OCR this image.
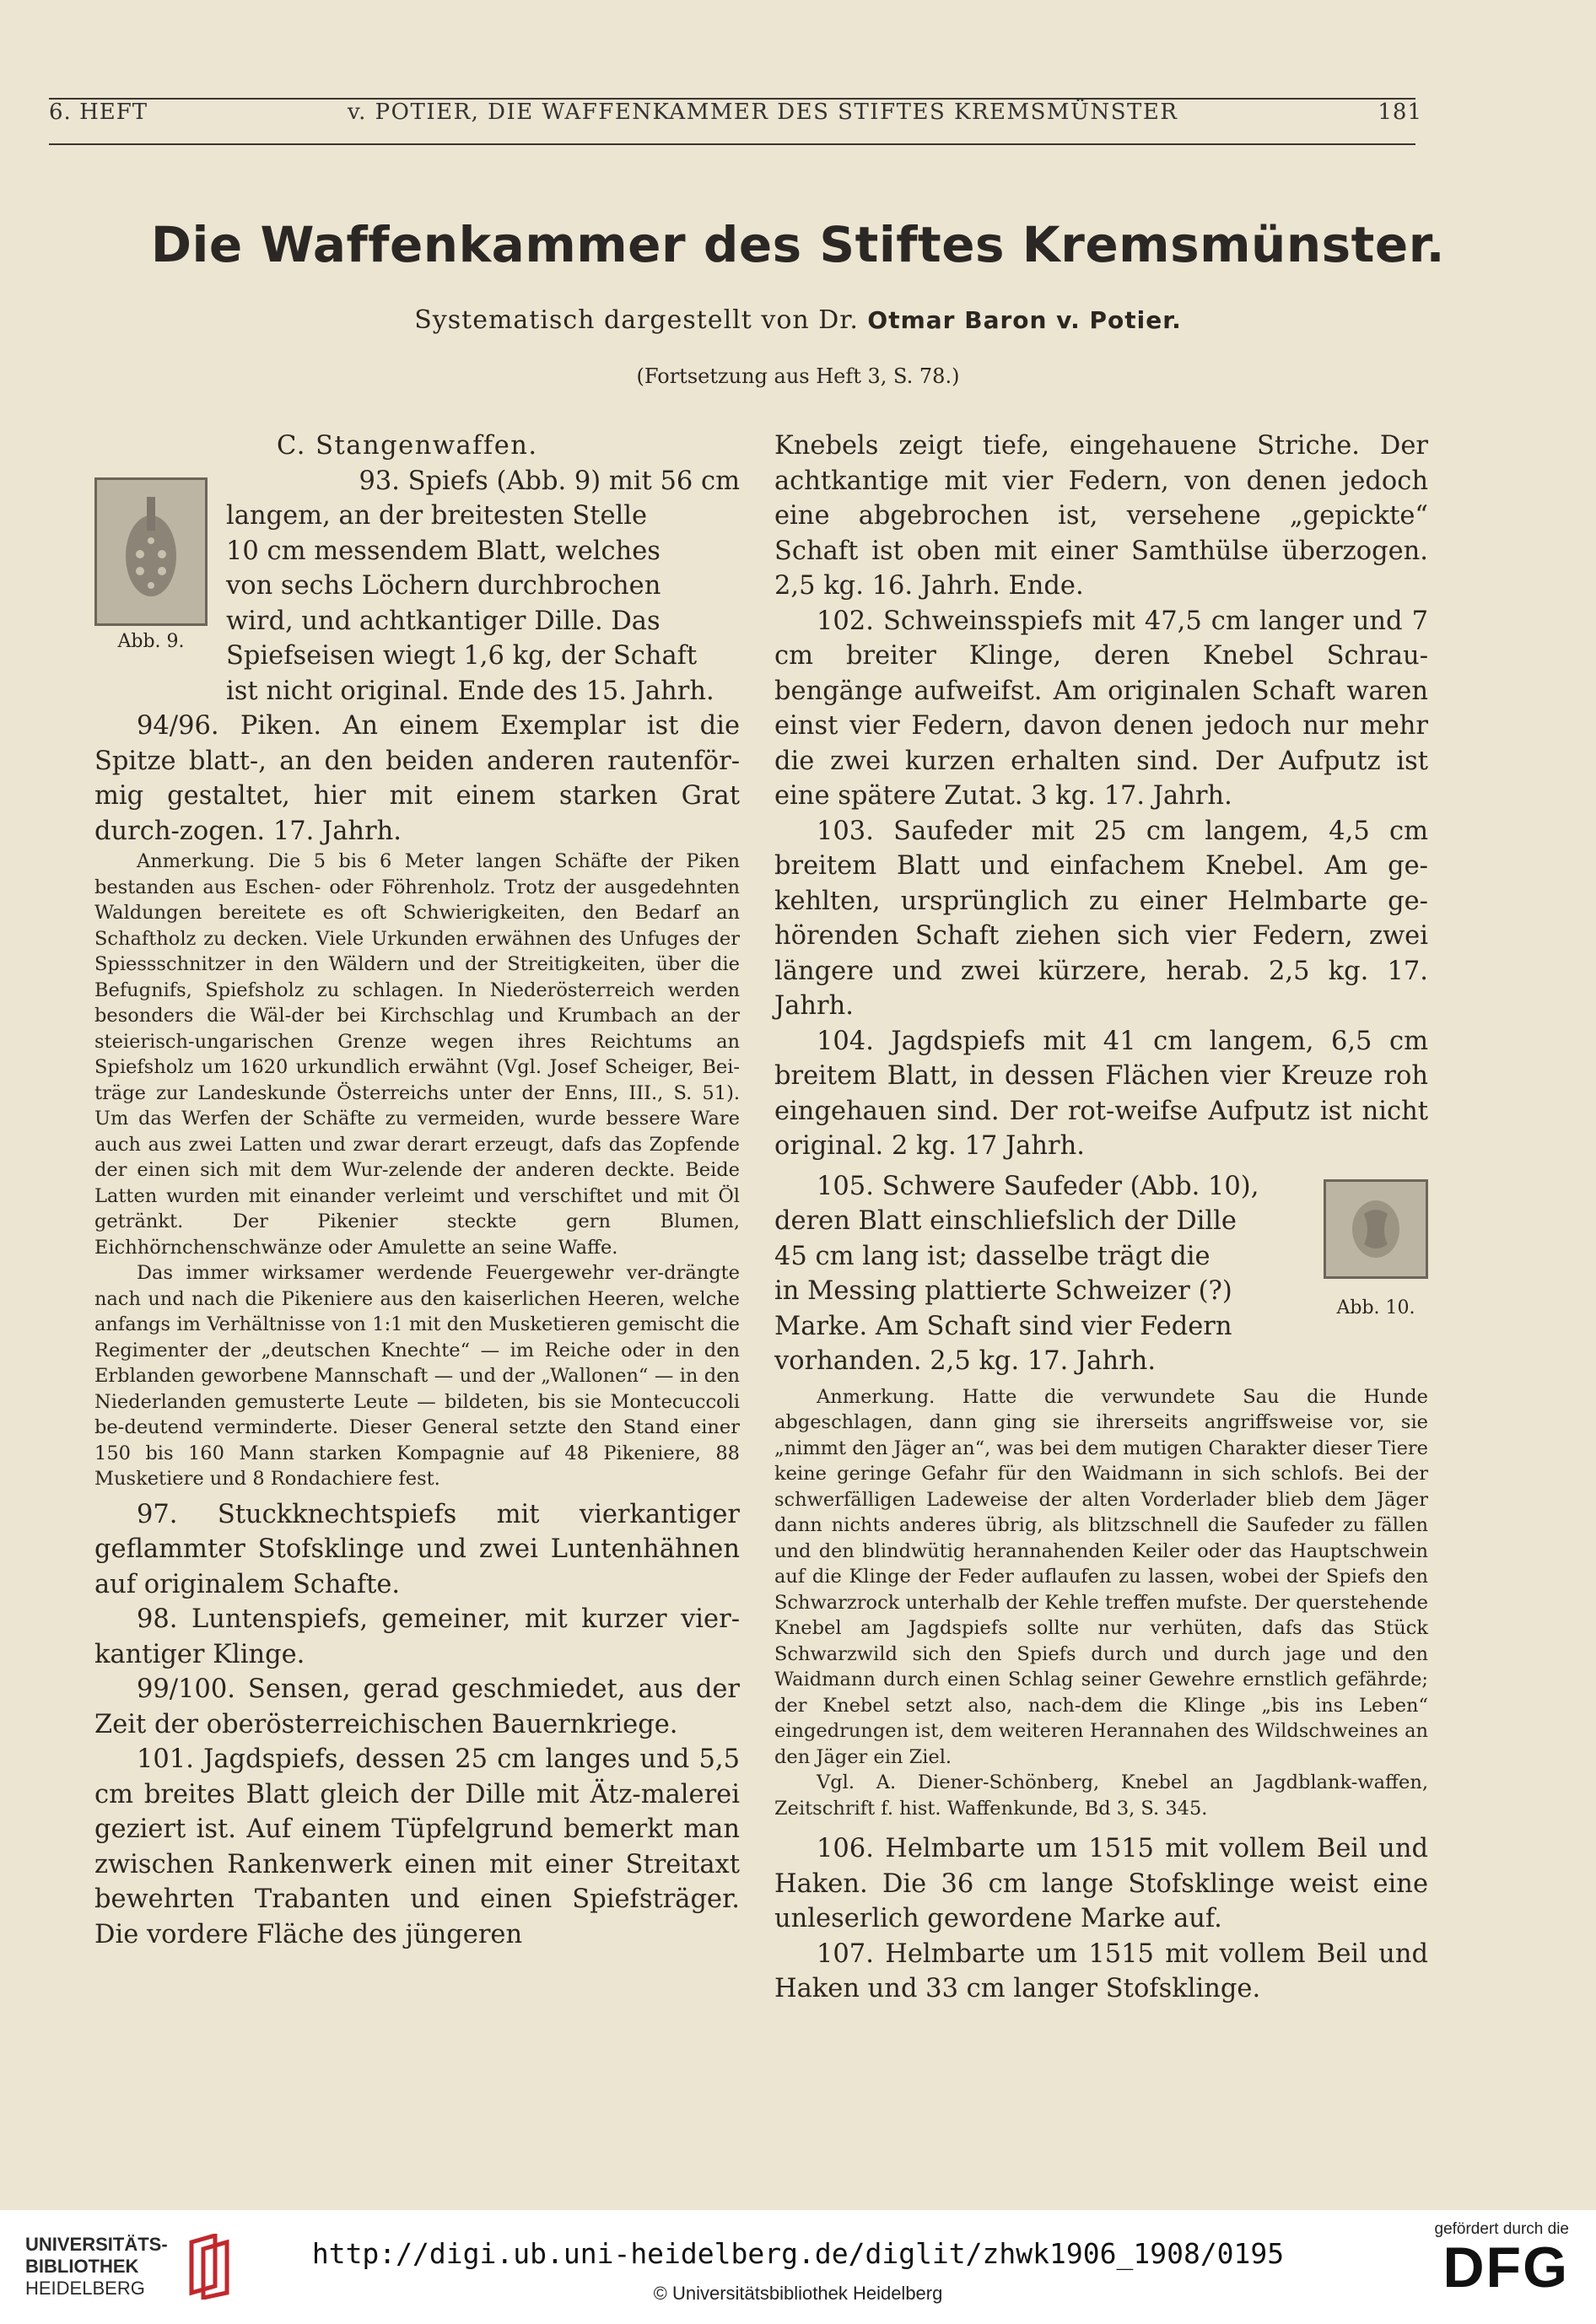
6. HEFT	v. POTIER, DIE WAFFENKAMMER DES STIFTES KREMSMÜNSTER	181
Die Waffenkammer des Stiftes Kremsmünster.
Systematisch dargestellt von Dr. Otmar Baron v. Potier.
(Fortsetzung aus Heft 3, S. 78.)
C. Stangenwaffen.
Abb. 9.

93. Spiefs (Abb. 9) mit 56 cm

langem, an der breitesten Stelle

10 cm messendem Blatt, welches

von sechs Löchern durchbrochen

wird, und achtkantiger Dille. Das

Spiefseisen wiegt 1,6 kg, der Schaft

ist nicht original. Ende des 15. Jahrh.

94/96. Piken. An einem Exemplar ist die Spitze blatt-, an den beiden anderen rautenför-mig gestaltet, hier mit einem starken Grat durch-zogen. 17. Jahrh.

Anmerkung. Die 5 bis 6 Meter langen Schäfte der Piken bestanden aus Eschen- oder Föhrenholz. Trotz der ausgedehnten Waldungen bereitete es oft Schwierigkeiten, den Bedarf an Schaftholz zu decken. Viele Urkunden erwähnen des Unfuges der Spiessschnitzer in den Wäldern und der Streitigkeiten, über die Befugnifs, Spiefsholz zu schlagen. In Niederösterreich werden besonders die Wäl-der bei Kirchschlag und Krumbach an der steierisch-ungarischen Grenze wegen ihres Reichtums an Spiefsholz um 1620 urkundlich erwähnt (Vgl. Josef Scheiger, Bei-träge zur Landeskunde Österreichs unter der Enns, III., S. 51). Um das Werfen der Schäfte zu vermeiden, wurde bessere Ware auch aus zwei Latten und zwar derart erzeugt, dafs das Zopfende der einen sich mit dem Wur-zelende der anderen deckte. Beide Latten wurden mit einander verleimt und verschiftet und mit Öl getränkt. Der Pikenier steckte gern Blumen, Eichhörnchenschwänze oder Amulette an seine Waffe.

Das immer wirksamer werdende Feuergewehr ver-drängte nach und nach die Pikeniere aus den kaiserlichen Heeren, welche anfangs im Verhältnisse von 1:1 mit den Musketieren gemischt die Regimenter der „deutschen Knechte“ — im Reiche oder in den Erblanden geworbene Mannschaft — und der „Wallonen“ — in den Niederlanden gemusterte Leute — bildeten, bis sie Montecuccoli be-deutend verminderte. Dieser General setzte den Stand einer 150 bis 160 Mann starken Kompagnie auf 48 Pikeniere, 88 Musketiere und 8 Rondachiere fest.

97. Stuckknechtspiefs mit vierkantiger geflammter Stofsklinge und zwei Luntenhähnen auf originalem Schafte.

98. Luntenspiefs, gemeiner, mit kurzer vier-kantiger Klinge.

99/100. Sensen, gerad geschmiedet, aus der Zeit der oberösterreichischen Bauernkriege.

101. Jagdspiefs, dessen 25 cm langes und 5,5 cm breites Blatt gleich der Dille mit Ätz-malerei geziert ist. Auf einem Tüpfelgrund bemerkt man zwischen Rankenwerk einen mit einer Streitaxt bewehrten Trabanten und einen Spiefsträger. Die vordere Fläche des jüngeren

Knebels zeigt tiefe, eingehauene Striche. Der achtkantige mit vier Federn, von denen jedoch eine abgebrochen ist, versehene „gepickte“ Schaft ist oben mit einer Samthülse überzogen. 2,5 kg. 16. Jahrh. Ende.

102. Schweinsspiefs mit 47,5 cm langer und 7 cm breiter Klinge, deren Knebel Schrau-bengänge aufweifst. Am originalen Schaft waren einst vier Federn, davon denen jedoch nur mehr die zwei kurzen erhalten sind. Der Aufputz ist eine spätere Zutat. 3 kg. 17. Jahrh.

103. Saufeder mit 25 cm langem, 4,5 cm breitem Blatt und einfachem Knebel. Am ge-kehlten, ursprünglich zu einer Helmbarte ge-hörenden Schaft ziehen sich vier Federn, zwei längere und zwei kürzere, herab. 2,5 kg. 17. Jahrh.

104. Jagdspiefs mit 41 cm langem, 6,5 cm breitem Blatt, in dessen Flächen vier Kreuze roh eingehauen sind. Der rot-weifse Aufputz ist nicht original. 2 kg. 17 Jahrh.

105. Schwere Saufeder (Abb. 10),

deren Blatt einschliefslich der Dille

45 cm lang ist; dasselbe trägt die

in Messing plattierte Schweizer (?)

Marke. Am Schaft sind vier Federn

vorhanden. 2,5 kg. 17. Jahrh.

Abb. 10.

Anmerkung. Hatte die verwundete Sau die Hunde abgeschlagen, dann ging sie ihrerseits angriffsweise vor, sie „nimmt den Jäger an“, was bei dem mutigen Charakter dieser Tiere keine geringe Gefahr für den Waidmann in sich schlofs. Bei der schwerfälligen Ladeweise der alten Vorderlader blieb dem Jäger dann nichts anderes übrig, als blitzschnell die Saufeder zu fällen und den blindwütig herannahenden Keiler oder das Hauptschwein auf die Klinge der Feder auflaufen zu lassen, wobei der Spiefs den Schwarzrock unterhalb der Kehle treffen mufste. Der querstehende Knebel am Jagdspiefs sollte nur verhüten, dafs das Stück Schwarzwild sich den Spiefs durch und durch jage und den Waidmann durch einen Schlag seiner Gewehre ernstlich gefährde; der Knebel setzt also, nach-dem die Klinge „bis ins Leben“ eingedrungen ist, dem weiteren Herannahen des Wildschweines an den Jäger ein Ziel.

Vgl. A. Diener-Schönberg, Knebel an Jagdblank-waffen, Zeitschrift f. hist. Waffenkunde, Bd 3, S. 345.

106. Helmbarte um 1515 mit vollem Beil und Haken. Die 36 cm lange Stofsklinge weist eine unleserlich gewordene Marke auf.

107. Helmbarte um 1515 mit vollem Beil und Haken und 33 cm langer Stofsklinge.

UNIVERSITÄTS-
BIBLIOTHEK
HEIDELBERG
http://digi.ub.uni-heidelberg.de/diglit/zhwk1906_1908/0195
© Universitätsbibliothek Heidelberg
gefördert durch die
DFG
